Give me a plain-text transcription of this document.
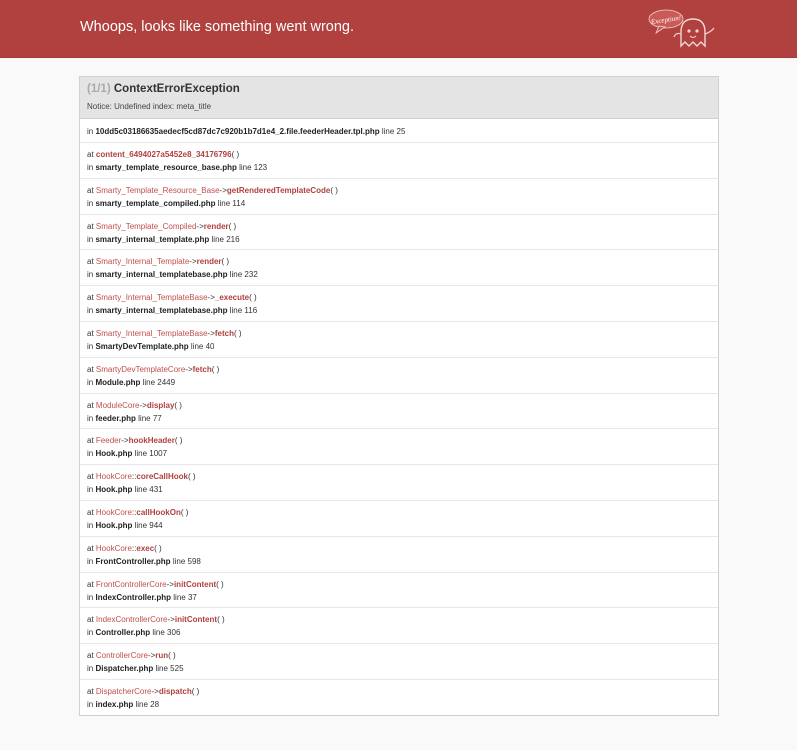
Whoops, looks like something went wrong.	Exception!
(1/1) ContextErrorException
Notice: Undefined index: meta_title
in 10dd5c03186635aedecf5cd87dc7c920b1b7d1e4_2.file.feederHeader.tpl.php line 25
at content_6494027a5452e8_34176796( )
in smarty_template_resource_base.php line 123
at Smarty_Template_Resource_Base->getRenderedTemplateCode( )
in smarty_template_compiled.php line 114
at Smarty_Template_Compiled->render( )
in smarty_internal_template.php line 216
at Smarty_Internal_Template->render( )
in smarty_internal_templatebase.php line 232
at Smarty_Internal_TemplateBase->_execute( )
in smarty_internal_templatebase.php line 116
at Smarty_Internal_TemplateBase->fetch( )
in SmartyDevTemplate.php line 40
at SmartyDevTemplateCore->fetch( )
in Module.php line 2449
at ModuleCore->display( )
in feeder.php line 77
at Feeder->hookHeader( )
in Hook.php line 1007
at HookCore::coreCallHook( )
in Hook.php line 431
at HookCore::callHookOn( )
in Hook.php line 944
at HookCore::exec( )
in FrontController.php line 598
at FrontControllerCore->initContent( )
in IndexController.php line 37
at IndexControllerCore->initContent( )
in Controller.php line 306
at ControllerCore->run( )
in Dispatcher.php line 525
at DispatcherCore->dispatch( )
in index.php line 28
